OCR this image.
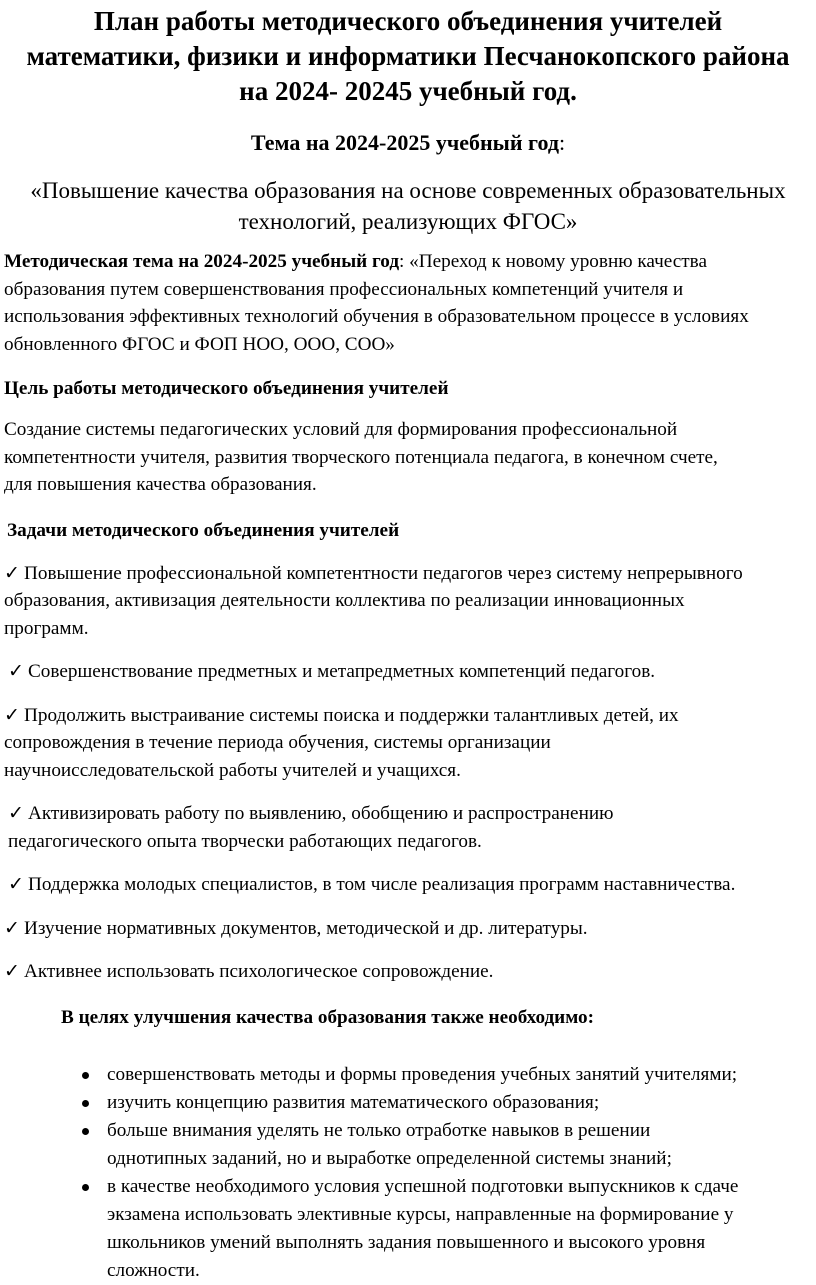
План работы методического объединения учителей
математики, физики и информатики Песчанокопского района
на 2024- 20245 учебный год.
Тема на 2024-2025 учебный год:
«Повышение качества образования на основе современных образовательных
технологий, реализующих ФГОС»
Методическая тема на 2024-2025 учебный год: «Переход к новому уровню качества
образования путем совершенствования профессиональных компетенций учителя и
использования эффективных технологий обучения в образовательном процессе в условиях
обновленного ФГОС и ФОП НОО, ООО, СОО»
Цель работы методического объединения учителей
Создание системы педагогических условий для формирования профессиональной
компетентности учителя, развития творческого потенциала педагога, в конечном счете,
для повышения качества образования.
Задачи методического объединения учителей
✓ Повышение профессиональной компетентности педагогов через систему непрерывного
образования, активизация деятельности коллектива по реализации инновационных
программ.
✓ Совершенствование предметных и метапредметных компетенций педагогов.
✓ Продолжить выстраивание системы поиска и поддержки талантливых детей, их
сопровождения в течение периода обучения, системы организации
научноисследовательской работы учителей и учащихся.
✓ Активизировать работу по выявлению, обобщению и распространению
педагогического опыта творчески работающих педагогов.
✓ Поддержка молодых специалистов, в том числе реализация программ наставничества.
✓ Изучение нормативных документов, методической и др. литературы.
✓ Активнее использовать психологическое сопровождение.
В целях улучшения качества образования также необходимо:
совершенствовать методы и формы проведения учебных занятий учителями;
изучить концепцию развития математического образования;
больше внимания уделять не только отработке навыков в решении
однотипных заданий, но и выработке определенной системы знаний;
в качестве необходимого условия успешной подготовки выпускников к сдаче
экзамена использовать элективные курсы, направленные на формирование у
школьников умений выполнять задания повышенного и высокого уровня
сложности.
